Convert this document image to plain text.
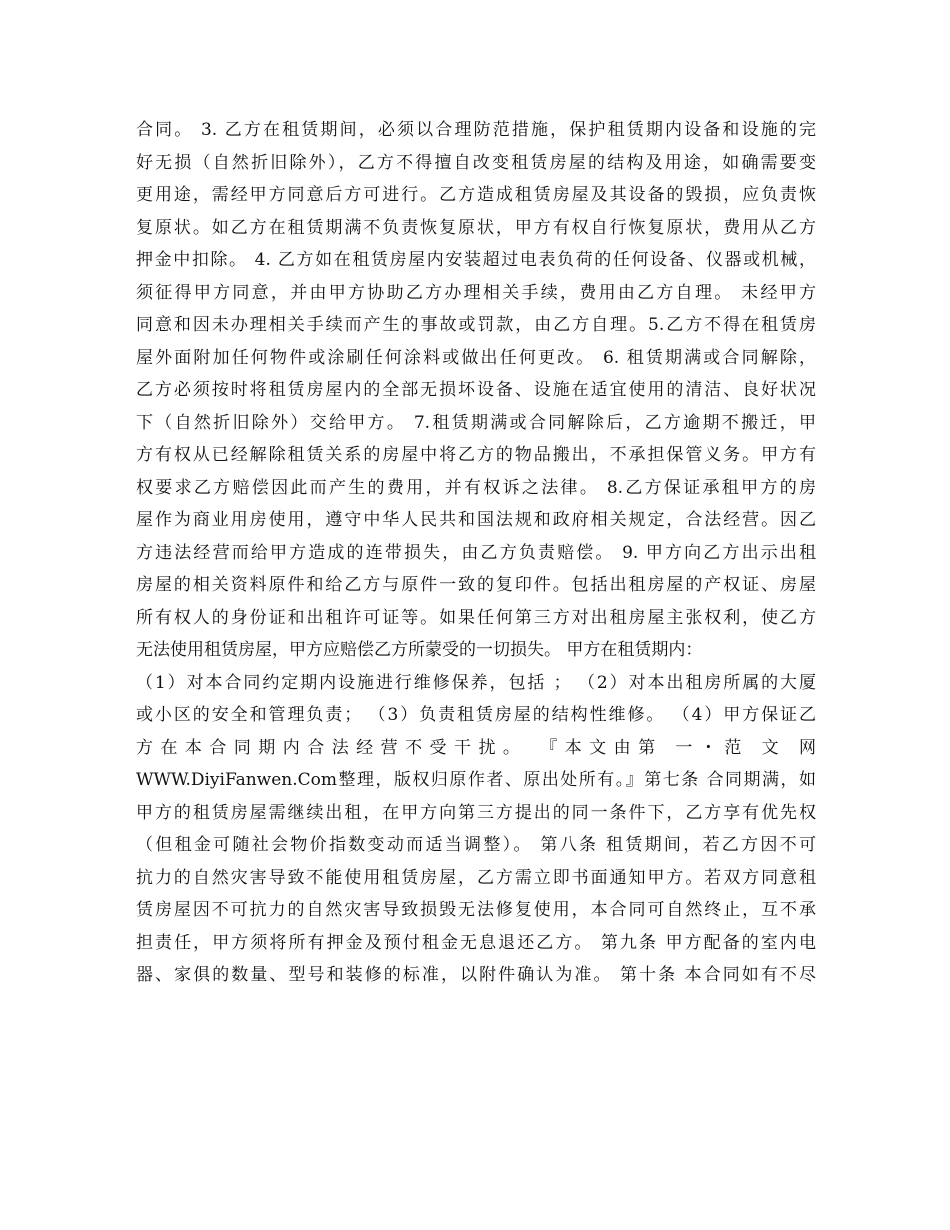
合同。 3. 乙方在租赁期间，必须以合理防范措施，保护租赁期内设备和设施的完
好无损（自然折旧除外），乙方不得擅自改变租赁房屋的结构及用途，如确需要变
更用途，需经甲方同意后方可进行。乙方造成租赁房屋及其设备的毁损，应负责恢
复原状。如乙方在租赁期满不负责恢复原状，甲方有权自行恢复原状，费用从乙方
押金中扣除。 4. 乙方如在租赁房屋内安装超过电表负荷的任何设备、仪器或机械，
须征得甲方同意，并由甲方协助乙方办理相关手续，费用由乙方自理。 未经甲方
同意和因未办理相关手续而产生的事故或罚款，由乙方自理。5.乙方不得在租赁房
屋外面附加任何物件或涂刷任何涂料或做出任何更改。 6. 租赁期满或合同解除，
乙方必须按时将租赁房屋内的全部无损坏设备、设施在适宜使用的清洁、良好状况
下（自然折旧除外）交给甲方。 7.租赁期满或合同解除后，乙方逾期不搬迁，甲
方有权从已经解除租赁关系的房屋中将乙方的物品搬出，不承担保管义务。甲方有
权要求乙方赔偿因此而产生的费用，并有权诉之法律。 8.乙方保证承租甲方的房
屋作为商业用房使用，遵守中华人民共和国法规和政府相关规定，合法经营。因乙
方违法经营而给甲方造成的连带损失，由乙方负责赔偿。 9. 甲方向乙方出示出租
房屋的相关资料原件和给乙方与原件一致的复印件。包括出租房屋的产权证、房屋
所有权人的身份证和出租许可证等。如果任何第三方对出租房屋主张权利，使乙方
无法使用租赁房屋，甲方应赔偿乙方所蒙受的一切损失。 甲方在租赁期内：
（1）对本合同约定期内设施进行维修保养，包括 ； （2）对本出租房所属的大厦
或小区的安全和管理负责； （3）负责租赁房屋的结构性维修。 （4）甲方保证乙
方在本合同期内合法经营不受干扰。 『本文由第 一・范 文 网
WWW.DiyiFanwen.Com整理，版权归原作者、原出处所有。』第七条 合同期满，如
甲方的租赁房屋需继续出租，在甲方向第三方提出的同一条件下，乙方享有优先权
（但租金可随社会物价指数变动而适当调整）。 第八条 租赁期间，若乙方因不可
抗力的自然灾害导致不能使用租赁房屋，乙方需立即书面通知甲方。若双方同意租
赁房屋因不可抗力的自然灾害导致损毁无法修复使用，本合同可自然终止，互不承
担责任，甲方须将所有押金及预付租金无息退还乙方。 第九条 甲方配备的室内电
器、家俱的数量、型号和装修的标准，以附件确认为准。 第十条 本合同如有不尽
